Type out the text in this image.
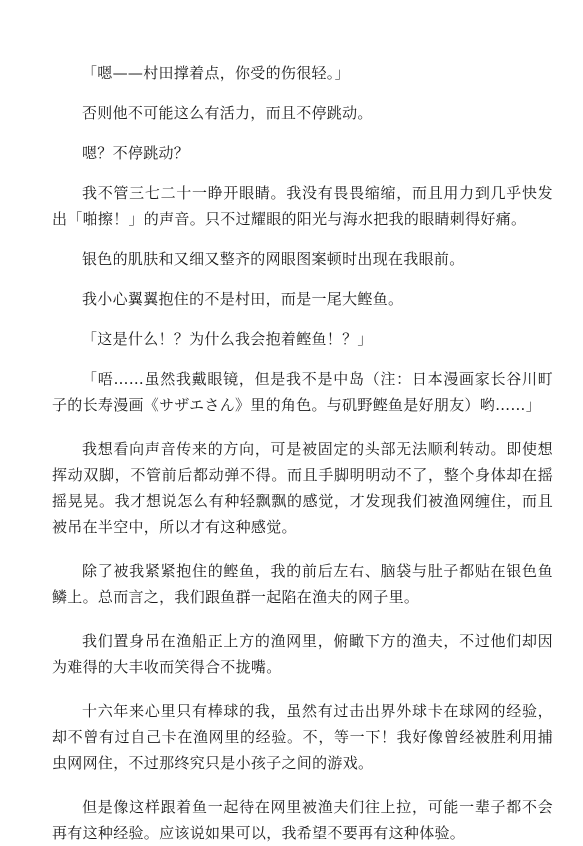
「嗯——村田撑着点，你受的伤很轻。」

否则他不可能这么有活力，而且不停跳动。

嗯？不停跳动？

我不管三七二十一睁开眼睛。我没有畏畏缩缩，而且用力到几乎快发出「啪擦！」的声音。只不过耀眼的阳光与海水把我的眼睛刺得好痛。

银色的肌肤和又细又整齐的网眼图案顿时出现在我眼前。

我小心翼翼抱住的不是村田，而是一尾大鲣鱼。

「这是什么！？为什么我会抱着鲣鱼！？」

「唔……虽然我戴眼镜，但是我不是中岛（注：日本漫画家长谷川町子的长寿漫画《サザエさん》里的角色。与矶野鲣鱼是好朋友）哟……」

我想看向声音传来的方向，可是被固定的头部无法顺利转动。即使想挥动双脚，不管前后都动弹不得。而且手脚明明动不了，整个身体却在摇摇晃晃。我才想说怎么有种轻飘飘的感觉，才发现我们被渔网缠住，而且被吊在半空中，所以才有这种感觉。

除了被我紧紧抱住的鲣鱼，我的前后左右、脑袋与肚子都贴在银色鱼鳞上。总而言之，我们跟鱼群一起陷在渔夫的网子里。

我们置身吊在渔船正上方的渔网里，俯瞰下方的渔夫，不过他们却因为难得的大丰收而笑得合不拢嘴。

十六年来心里只有棒球的我，虽然有过击出界外球卡在球网的经验，却不曾有过自己卡在渔网里的经验。不，等一下！我好像曾经被胜利用捕虫网网住，不过那终究只是小孩子之间的游戏。

但是像这样跟着鱼一起待在网里被渔夫们往上拉，可能一辈子都不会再有这种经验。应该说如果可以，我希望不要再有这种体验。
